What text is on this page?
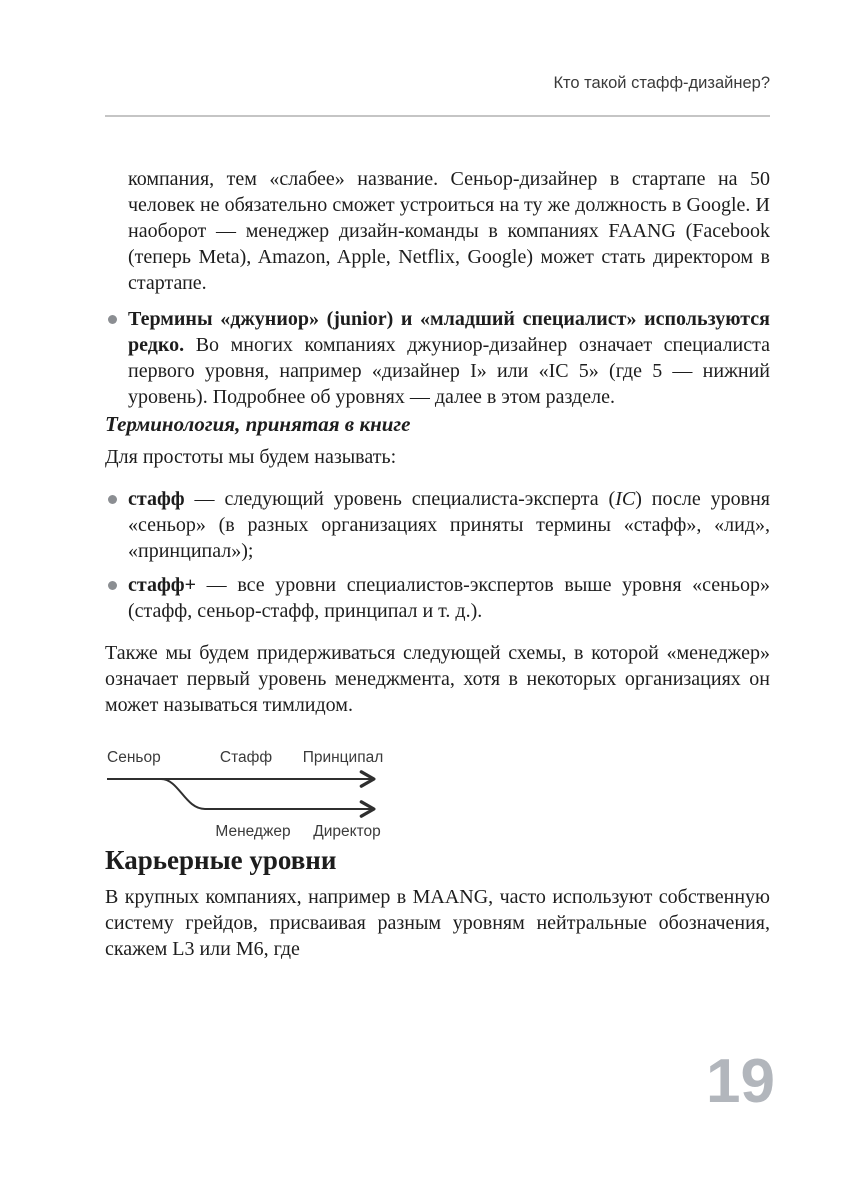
Кто такой стафф-дизайнер?

компания, тем «слабее» название. Сеньор-дизайнер в стартапе на 50 человек не обязательно сможет устроиться на ту же должность в Google. И наоборот — менеджер дизайн-команды в компаниях FAANG (Facebook (теперь Meta), Amazon, Apple, Netflix, Google) может стать директором в стартапе.

Термины «джуниор» (junior) и «младший специалист» используются редко. Во многих компаниях джуниор-дизайнер означает специалиста первого уровня, например «дизайнер I» или «IC 5» (где 5 — нижний уровень). Подробнее об уровнях — далее в этом разделе.

Терминология, принятая в книге

Для простоты мы будем называть:

стафф — следующий уровень специалиста-эксперта (IC) после уровня «сеньор» (в разных организациях приняты термины «стафф», «лид», «принципал»);

стафф+ — все уровни специалистов-экспертов выше уровня «сеньор» (стафф, сеньор-стафф, принципал и т. д.).

Также мы будем придерживаться следующей схемы, в которой «менеджер» означает первый уровень менеджмента, хотя в некоторых организациях он может называться тимлидом.

Сеньор	Стафф Принципал
Менеджер Директор
Карьерные уровни

В крупных компаниях, например в MAANG, часто используют собственную систему грейдов, присваивая разным уровням нейтральные обозначения, скажем L3 или M6, где

19
